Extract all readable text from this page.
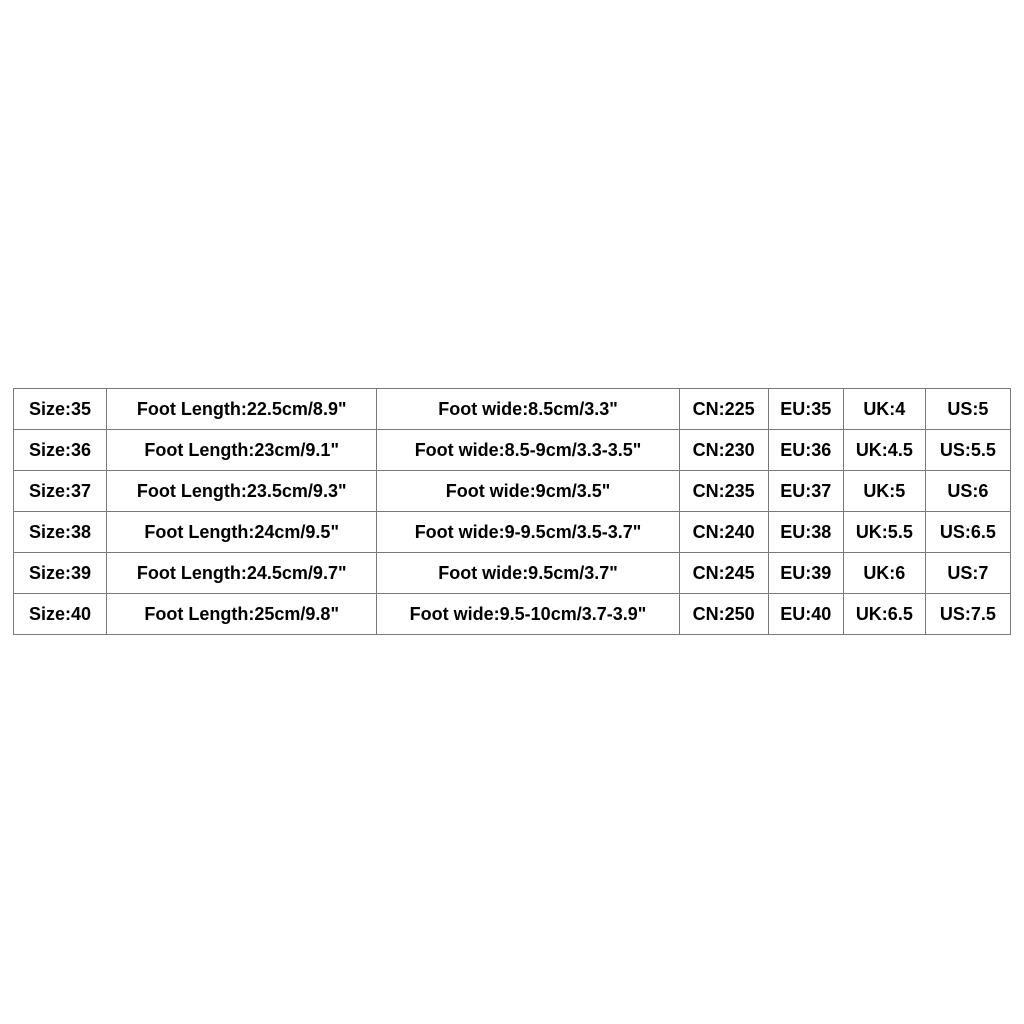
Size:35	Foot Length:22.5cm/8.9"	Foot wide:8.5cm/3.3"	CN:225	EU:35	UK:4	US:5
Size:36	Foot Length:23cm/9.1"	Foot wide:8.5-9cm/3.3-3.5"	CN:230	EU:36	UK:4.5	US:5.5
Size:37	Foot Length:23.5cm/9.3"	Foot wide:9cm/3.5"	CN:235	EU:37	UK:5	US:6
Size:38	Foot Length:24cm/9.5"	Foot wide:9-9.5cm/3.5-3.7"	CN:240	EU:38	UK:5.5	US:6.5
Size:39	Foot Length:24.5cm/9.7"	Foot wide:9.5cm/3.7"	CN:245	EU:39	UK:6	US:7
Size:40	Foot Length:25cm/9.8"	Foot wide:9.5-10cm/3.7-3.9"	CN:250	EU:40	UK:6.5	US:7.5
